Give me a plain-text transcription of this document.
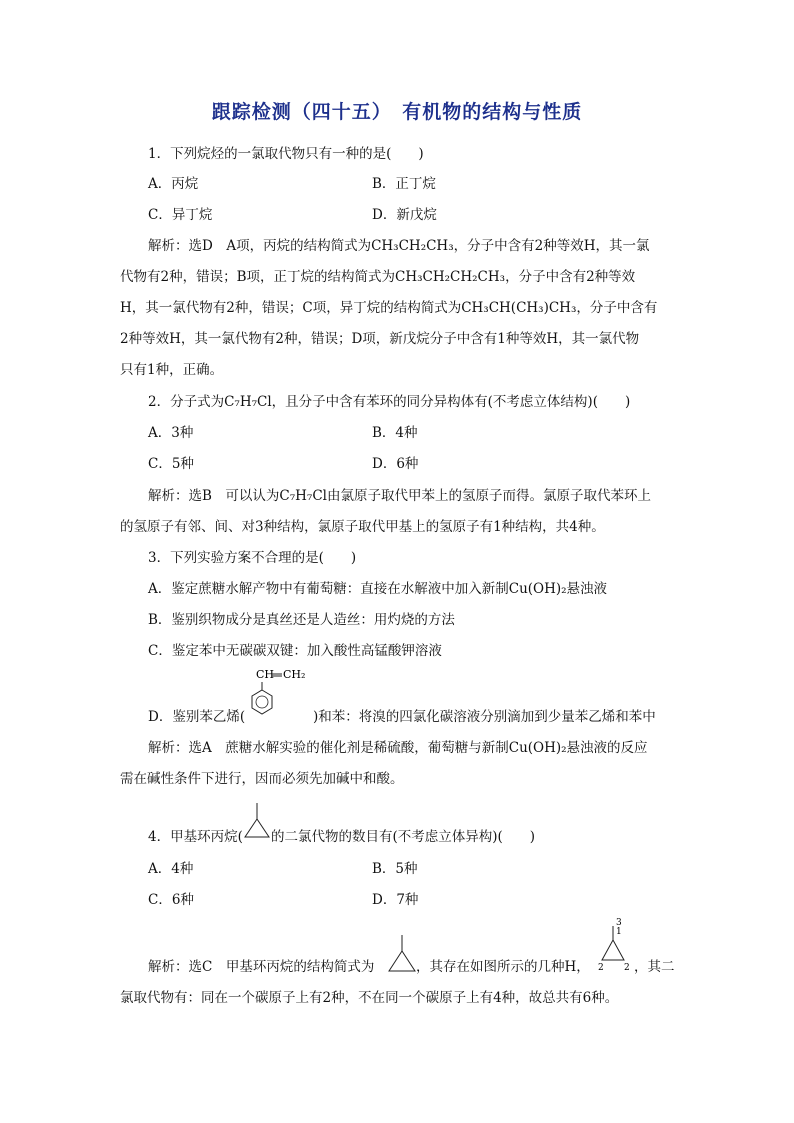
跟踪检测（四十五）　有机物的结构与性质
1．下列烷烃的一氯取代物只有一种的是(　　)
A．丙烷	B．正丁烷
C．异丁烷	D．新戊烷
解析：选D　A项，丙烷的结构简式为CH₃CH₂CH₃，分子中含有2种等效H，其一氯
代物有2种，错误；B项，正丁烷的结构简式为CH₃CH₂CH₂CH₃，分子中含有2种等效
H，其一氯代物有2种，错误；C项，异丁烷的结构简式为CH₃CH(CH₃)CH₃，分子中含有
2种等效H，其一氯代物有2种，错误；D项，新戊烷分子中含有1种等效H，其一氯代物
只有1种，正确。
2．分子式为C₇H₇Cl，且分子中含有苯环的同分异构体有(不考虑立体结构)(　　)
A．3种	B．4种
C．5种	D．6种
解析：选B　可以认为C₇H₇Cl由氯原子取代甲苯上的氢原子而得。氯原子取代苯环上
的氢原子有邻、间、对3种结构，氯原子取代甲基上的氢原子有1种结构，共4种。
3．下列实验方案不合理的是(　　)
A．鉴定蔗糖水解产物中有葡萄糖：直接在水解液中加入新制Cu(OH)₂悬浊液
B．鉴别织物成分是真丝还是人造丝：用灼烧的方法
C．鉴定苯中无碳碳双键：加入酸性高锰酸钾溶液
CH CH₂
D．鉴别苯乙烯(	)和苯：将溴的四氯化碳溶液分别滴加到少量苯乙烯和苯中
解析：选A　蔗糖水解实验的催化剂是稀硫酸，葡萄糖与新制Cu(OH)₂悬浊液的反应
需在碱性条件下进行，因而必须先加碱中和酸。
4．甲基环丙烷( 的二氯代物的数目有(不考虑立体异构)(　　)
A．4种	B．5种
C．6种	D．7种
解析：选C　甲基环丙烷的结构简式为	，其存在如图所示的几种H，
3
1
2 2 ，其二
氯取代物有：同在一个碳原子上有2种，不在同一个碳原子上有4种，故总共有6种。
